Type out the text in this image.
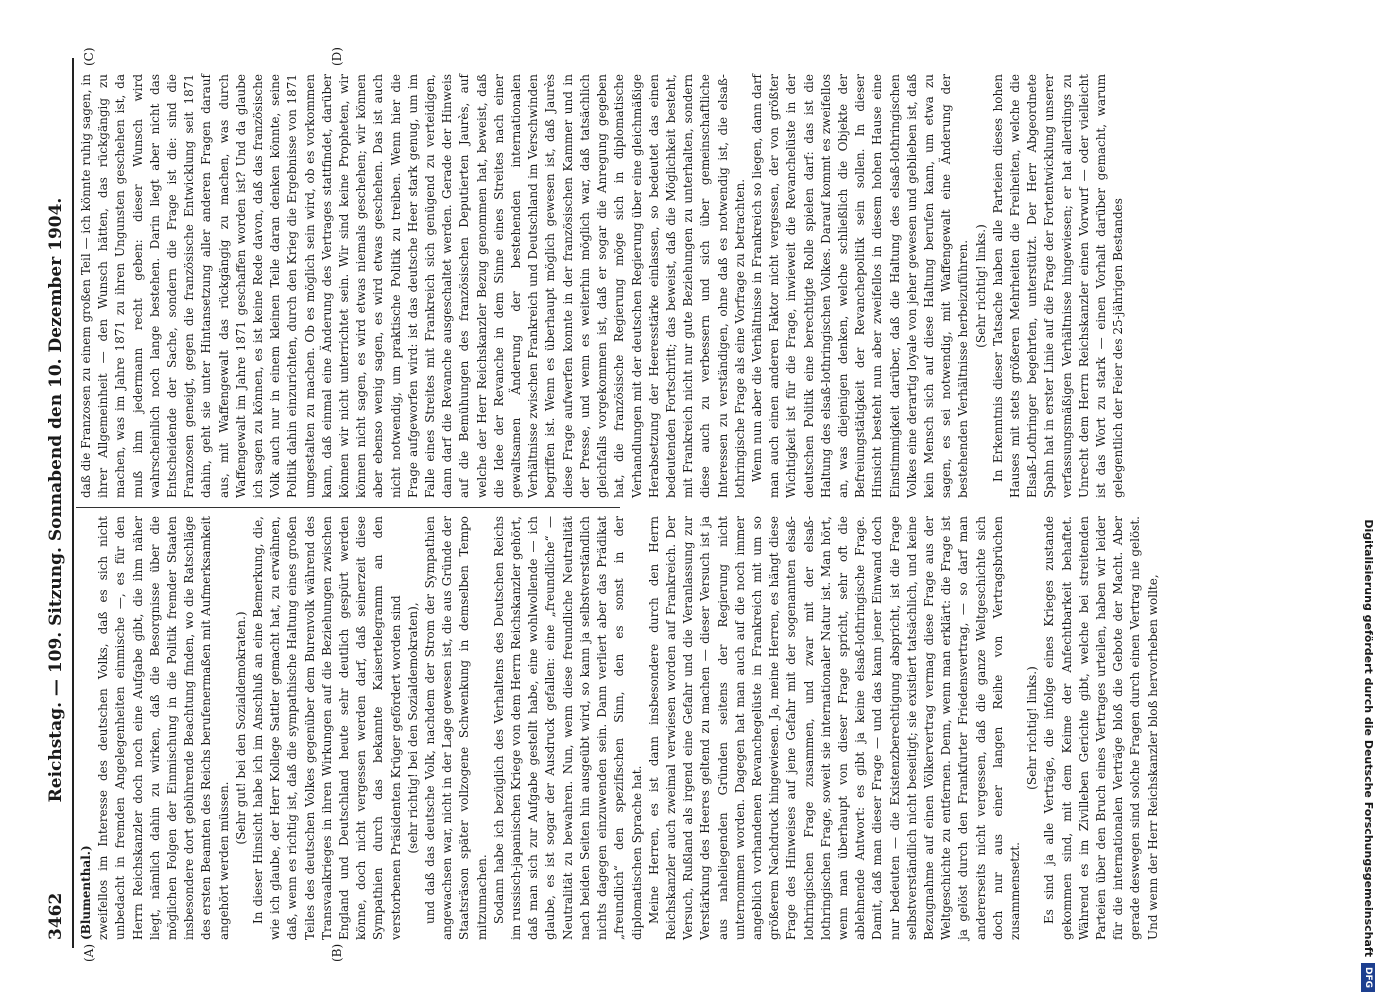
3462
Reichstag. — 109. Sitzung. Sonnabend den 10. Dezember 1904.
(A)	(B)
(C)	(D)

(Blumenthal.) zweifellos im Interesse des deutschen Volks, daß es sich nicht unbedacht in fremden Angelegenheiten einmische —, es für den Herrn Reichskanzler doch noch eine Aufgabe gibt, die ihm näher liegt, nämlich dahin zu wirken, daß die Besorgnisse über die möglichen Folgen der Einmischung in die Politik fremder Staaten insbesondere dort gebührende Beachtung finden, wo die Ratschläge des ersten Beamten des Reichs berufenermaßen mit Aufmerksamkeit angehört werden müssen.

(Sehr gut! bei den Sozialdemokraten.) In dieser Hinsicht habe ich im Anschluß an eine Bemerkung, die, wie ich glaube, der Herr Kollege Sattler gemacht hat, zu erwähnen, daß, wenn es richtig ist, daß die sympathische Haltung eines großen Teiles des deutschen Volkes gegenüber dem Burenvolk während des Transvaalkrieges in ihren Wirkungen auf die Beziehungen zwischen England und Deutschland heute sehr deutlich gespürt werden könne, doch nicht vergessen werden darf, daß seinerzeit diese Sympathien durch das bekannte Kaisertelegramm an den verstorbenen Präsidenten Krüger gefördert worden sind (sehr richtig! bei den Sozialdemokraten), und daß das deutsche Volk, nachdem der Strom der Sympathien angewachsen war, nicht in der Lage gewesen ist, die aus Gründe der Staatsräson später vollzogene Schwenkung in demselben Tempo mitzumachen. Sodann habe ich bezüglich des Verhaltens des Deutschen Reichs im russisch-japanischen Kriege von dem Herrn Reichskanzler gehört, daß man sich zur Aufgabe gestellt habe, eine wohlwollende — ich glaube, es ist sogar der Ausdruck gefallen: eine „freundliche“ — Neutralität zu bewahren. Nun, wenn diese freundliche Neutralität nach beiden Seiten hin ausgeübt wird, so kann ja selbstverständlich nichts dagegen einzuwenden sein. Dann verliert aber das Prädikat „freundlich“ den spezifischen Sinn, den es sonst in der diplomatischen Sprache hat. Meine Herren, es ist dann insbesondere durch den Herrn Reichskanzler auch zweimal verwiesen worden auf Frankreich. Der Versuch, Rußland als irgend eine Gefahr und die Veranlassung zur Verstärkung des Heeres geltend zu machen — dieser Versuch ist ja aus naheliegenden Gründen seitens der Regierung nicht unternommen worden. Dagegen hat man auch auf die noch immer angeblich vorhandenen Revanchegelüste in Frankreich mit um so größerem Nachdruck hingewiesen. Ja, meine Herren, es hängt diese Frage des Hinweises auf jene Gefahr mit der sogenannten elsaß-lothringischen Frage zusammen, und zwar mit der elsaß-lothringischen Frage, soweit sie internationaler Natur ist. Man hört, wenn man überhaupt von dieser Frage spricht, sehr oft die ablehnende Antwort: es gibt ja keine elsaß-lothringische Frage. Damit, daß man dieser Frage — und das kann jener Einwand doch nur bedeuten — die Existenzberechtigung abspricht, ist die Frage selbstverständlich nicht beseitigt; sie existiert tatsächlich, und keine Bezugnahme auf einen Völkervertrag vermag diese Frage aus der Weltgeschichte zu entfernen. Denn, wenn man erklärt: die Frage ist ja gelöst durch den Frankfurter Friedensvertrag, — so darf man andererseits nicht vergessen, daß die ganze Weltgeschichte sich doch nur aus einer langen Reihe von Vertragsbrüchen zusammensetzt.

(Sehr richtig! links.) Es sind ja alle Verträge, die infolge eines Krieges zustande gekommen sind, mit dem Keime der Anfechtbarkeit behaftet. Während es im Zivilleben Gerichte gibt, welche bei streitenden Parteien über den Bruch eines Vertrages urteilen, haben wir leider für die internationalen Verträge bloß die Gebote der Macht. Aber gerade deswegen sind solche Fragen durch einen Vertrag nie gelöst. Und wenn der Herr Reichskanzler bloß hervorheben wollte,

daß die Franzosen zu einem großen Teil — ich könnte ruhig sagen, in ihrer Allgemeinheit — den Wunsch hätten, das rückgängig zu machen, was im Jahre 1871 zu ihren Ungunsten geschehen ist, da muß ihm jedermann recht geben: dieser Wunsch wird wahrscheinlich noch lange bestehen. Darin liegt aber nicht das Entscheidende der Sache, sondern die Frage ist die: sind die Franzosen geneigt, gegen die französische Entwicklung seit 1871 dahin, geht sie unter Hintansetzung aller anderen Fragen darauf aus, mit Waffengewalt das rückgängig zu machen, was durch Waffengewalt im Jahre 1871 geschaffen worden ist? Und da glaube ich sagen zu können, es ist keine Rede davon, daß das französische Volk auch nur in einem kleinen Teile daran denken könnte, seine Politik dahin einzurichten, durch den Krieg die Ergebnisse von 1871 umgestalten zu machen. Ob es möglich sein wird, ob es vorkommen kann, daß einmal eine Änderung des Vertrages stattfindet, darüber können wir nicht unterrichtet sein. Wir sind keine Propheten, wir können nicht sagen, es wird etwas niemals geschehen; wir können aber ebenso wenig sagen, es wird etwas geschehen. Das ist auch nicht notwendig, um praktische Politik zu treiben. Wenn hier die Frage aufgeworfen wird: ist das deutsche Heer stark genug, um im Falle eines Streites mit Frankreich sich genügend zu verteidigen, dann darf die Revanche ausgeschaltet werden. Gerade der Hinweis auf die Bemühungen des französischen Deputierten Jaurès, auf welche der Herr Reichskanzler Bezug genommen hat, beweist, daß die Idee der Revanche in dem Sinne eines Streites nach einer gewaltsamen Änderung der bestehenden internationalen Verhältnisse zwischen Frankreich und Deutschland im Verschwinden begriffen ist. Wenn es überhaupt möglich gewesen ist, daß Jaurès diese Frage aufwerfen konnte in der französischen Kammer und in der Presse, und wenn es weiterhin möglich war, daß tatsächlich gleichfalls vorgekommen ist, daß er sogar die Anregung gegeben hat, die französische Regierung möge sich in diplomatische Verhandlungen mit der deutschen Regierung über eine gleichmäßige Herabsetzung der Heeresstärke einlassen, so bedeutet das einen bedeutenden Fortschritt; das beweist, daß die Möglichkeit besteht, mit Frankreich nicht nur gute Beziehungen zu unterhalten, sondern diese auch zu verbessern und sich über gemeinschaftliche Interessen zu verständigen, ohne daß es notwendig ist, die elsaß-lothringische Frage als eine Vorfrage zu betrachten. Wenn nun aber die Verhältnisse in Frankreich so liegen, dann darf man auch einen anderen Faktor nicht vergessen, der von größter Wichtigkeit ist für die Frage, inwieweit die Revanchelüste in der deutschen Politik eine berechtigte Rolle spielen darf: das ist die Haltung des elsaß-lothringischen Volkes. Darauf kommt es zweifellos an, was diejenigen denken, welche schließlich die Objekte der Befreiungstätigkeit der Revanchepolitik sein sollen. In dieser Hinsicht besteht nun aber zweifellos in diesem hohen Hause eine Einstimmigkeit darüber, daß die Haltung des elsaß-lothringischen Volkes eine derartig loyale von jeher gewesen und geblieben ist, daß kein Mensch sich auf diese Haltung berufen kann, um etwa zu sagen, es sei notwendig, mit Waffengewalt eine Änderung der bestehenden Verhältnisse herbeizuführen. (Sehr richtig! links.) In Erkenntnis dieser Tatsache haben alle Parteien dieses hohen Hauses mit stets größeren Mehrheiten die Freiheiten, welche die Elsaß-Lothringer begehrten, unterstützt. Der Herr Abgeordnete Spahn hat in erster Linie auf die Frage der Fortentwicklung unserer verfassungsmäßigen Verhältnisse hingewiesen; er hat allerdings zu Unrecht dem Herrn Reichskanzler einen Vorwurf — oder vielleicht ist das Wort zu stark — einen Vorhalt darüber gemacht, warum gelegentlich der Feier des 25-jährigen Bestandes

Digitalisierung gefördert durch die Deutsche ForschungsgemeinschaftDFG
